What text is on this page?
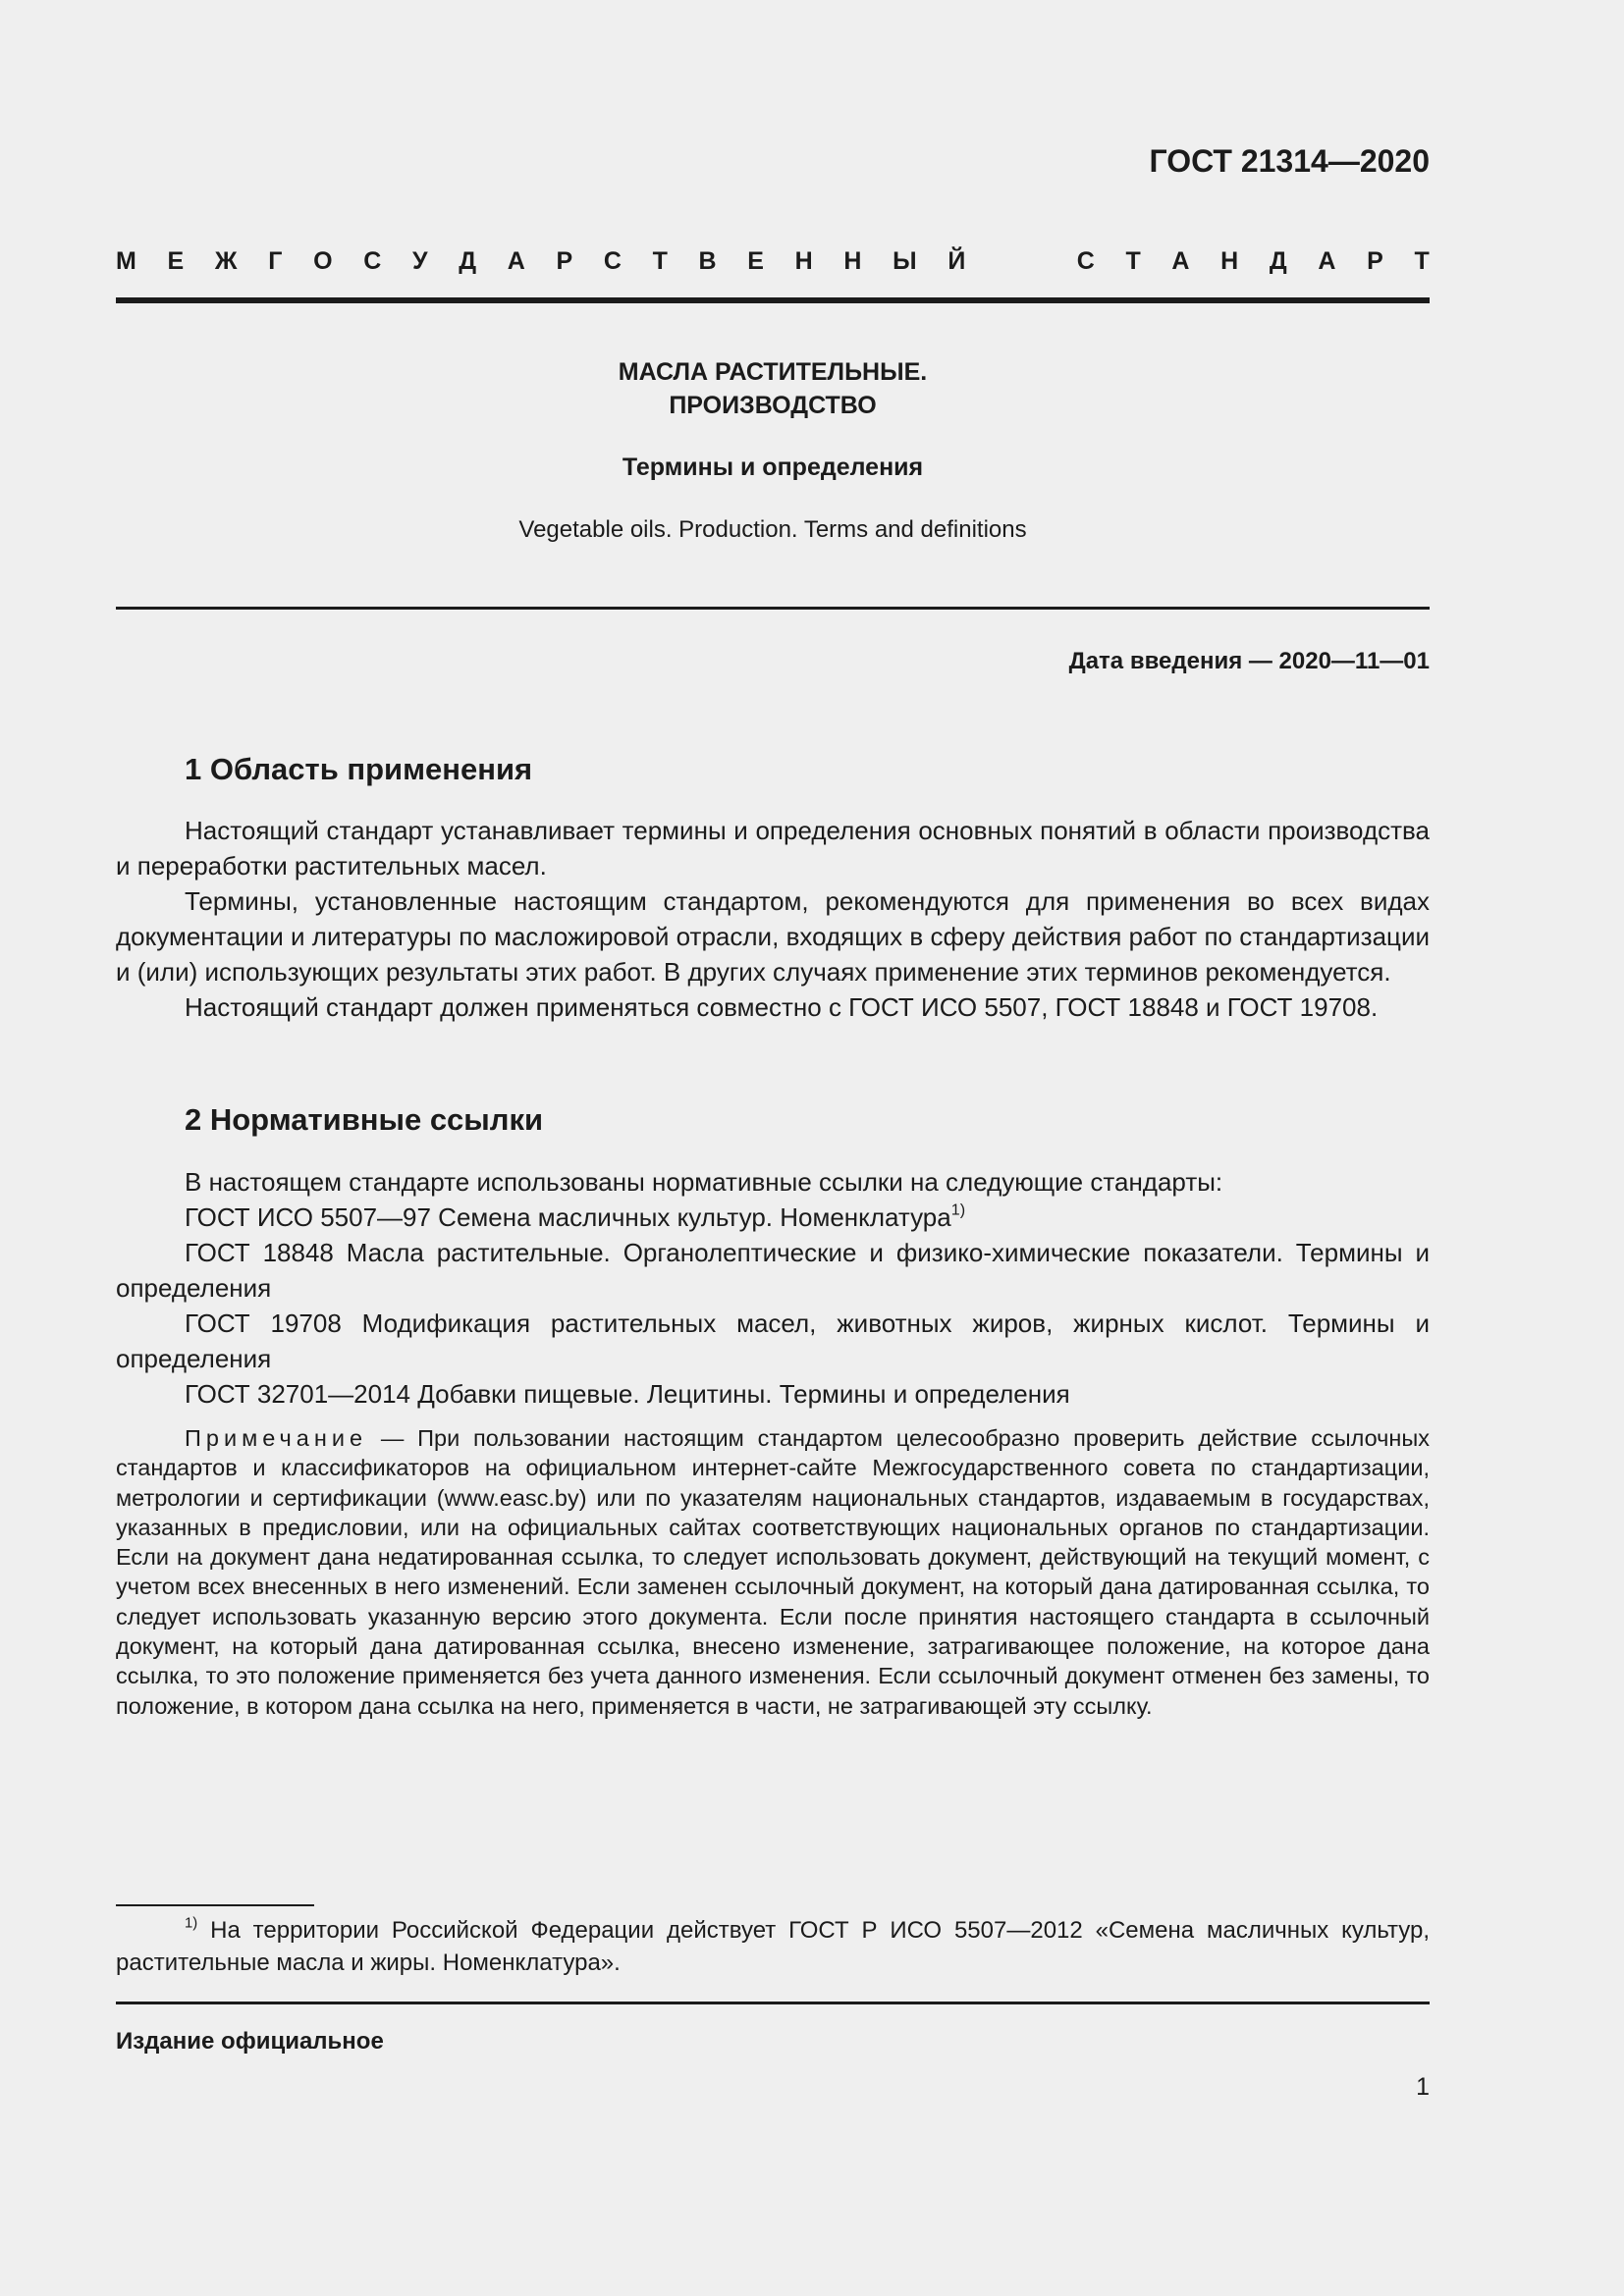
ГОСТ 21314—2020
М Е Ж Г О С У Д А Р С Т В Е Н Н Ы Й	С Т А Н Д А Р Т
МАСЛА РАСТИТЕЛЬНЫЕ.
ПРОИЗВОДСТВО
Термины и определения
Vegetable oils. Production. Terms and definitions
Дата введения — 2020—11—01
1 Область применения

Настоящий стандарт устанавливает термины и определения основных понятий в области производства и переработки растительных масел.

Термины, установленные настоящим стандартом, рекомендуются для применения во всех видах документации и литературы по масложировой отрасли, входящих в сферу действия работ по стандартизации и (или) использующих результаты этих работ. В других случаях применение этих терминов рекомендуется.

Настоящий стандарт должен применяться совместно с ГОСТ ИСО 5507, ГОСТ 18848 и ГОСТ 19708.

2 Нормативные ссылки

В настоящем стандарте использованы нормативные ссылки на следующие стандарты:

ГОСТ ИСО 5507—97 Семена масличных культур. Номенклатура$^{1)}$

ГОСТ 18848 Масла растительные. Органолептические и физико-химические показатели. Термины и определения

ГОСТ 19708 Модификация растительных масел, животных жиров, жирных кислот. Термины и определения

ГОСТ 32701—2014 Добавки пищевые. Лецитины. Термины и определения

Примечание — При пользовании настоящим стандартом целесообразно проверить действие ссылочных стандартов и классификаторов на официальном интернет-сайте Межгосударственного совета по стандартизации, метрологии и сертификации (www.easc.by) или по указателям национальных стандартов, издаваемым в государствах, указанных в предисловии, или на официальных сайтах соответствующих национальных органов по стандартизации. Если на документ дана недатированная ссылка, то следует использовать документ, действующий на текущий момент, с учетом всех внесенных в него изменений. Если заменен ссылочный документ, на который дана датированная ссылка, то следует использовать указанную версию этого документа. Если после принятия настоящего стандарта в ссылочный документ, на который дана датированная ссылка, внесено изменение, затрагивающее положение, на которое дана ссылка, то это положение применяется без учета данного изменения. Если ссылочный документ отменен без замены, то положение, в котором дана ссылка на него, применяется в части, не затрагивающей эту ссылку.
$^{1)}$ На территории Российской Федерации действует ГОСТ Р ИСО 5507—2012 «Семена масличных культур, растительные масла и жиры. Номенклатура».
Издание официальное
1
